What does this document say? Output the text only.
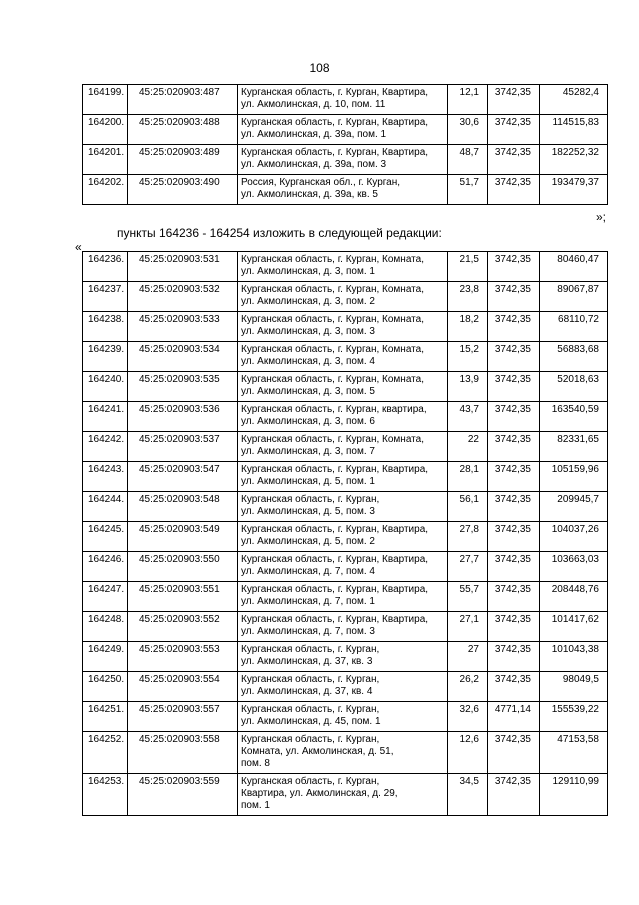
108
164199.	45:25:020903:487	Курганская область, г. Курган, Квартира,
ул. Акмолинская, д. 10, пом. 11	12,1	3742,35	45282,4
164200.	45:25:020903:488	Курганская область, г. Курган, Квартира,
ул. Акмолинская, д. 39а, пом. 1	30,6	3742,35	114515,83
164201.	45:25:020903:489	Курганская область, г. Курган, Квартира,
ул. Акмолинская, д. 39а, пом. 3	48,7	3742,35	182252,32
164202.	45:25:020903:490	Россия, Курганская обл., г. Курган,
ул. Акмолинская, д. 39а, кв. 5	51,7	3742,35	193479,37
»;
пункты 164236 - 164254 изложить в следующей редакции:
«
164236.	45:25:020903:531	Курганская область, г. Курган, Комната,
ул. Акмолинская, д. 3, пом. 1	21,5	3742,35	80460,47
164237.	45:25:020903:532	Курганская область, г. Курган, Комната,
ул. Акмолинская, д. 3, пом. 2	23,8	3742,35	89067,87
164238.	45:25:020903:533	Курганская область, г. Курган, Комната,
ул. Акмолинская, д. 3, пом. 3	18,2	3742,35	68110,72
164239.	45:25:020903:534	Курганская область, г. Курган, Комната,
ул. Акмолинская, д. 3, пом. 4	15,2	3742,35	56883,68
164240.	45:25:020903:535	Курганская область, г. Курган, Комната,
ул. Акмолинская, д. 3, пом. 5	13,9	3742,35	52018,63
164241.	45:25:020903:536	Курганская область, г. Курган, квартира,
ул. Акмолинская, д. 3, пом. 6	43,7	3742,35	163540,59
164242.	45:25:020903:537	Курганская область, г. Курган, Комната,
ул. Акмолинская, д. 3, пом. 7	22	3742,35	82331,65
164243.	45:25:020903:547	Курганская область, г. Курган, Квартира,
ул. Акмолинская, д. 5, пом. 1	28,1	3742,35	105159,96
164244.	45:25:020903:548	Курганская область, г. Курган,
ул. Акмолинская, д. 5, пом. 3	56,1	3742,35	209945,7
164245.	45:25:020903:549	Курганская область, г. Курган, Квартира,
ул. Акмолинская, д. 5, пом. 2	27,8	3742,35	104037,26
164246.	45:25:020903:550	Курганская область, г. Курган, Квартира,
ул. Акмолинская, д. 7, пом. 4	27,7	3742,35	103663,03
164247.	45:25:020903:551	Курганская область, г. Курган, Квартира,
ул. Акмолинская, д. 7, пом. 1	55,7	3742,35	208448,76
164248.	45:25:020903:552	Курганская область, г. Курган, Квартира,
ул. Акмолинская, д. 7, пом. 3	27,1	3742,35	101417,62
164249.	45:25:020903:553	Курганская область, г. Курган,
ул. Акмолинская, д. 37, кв. 3	27	3742,35	101043,38
164250.	45:25:020903:554	Курганская область, г. Курган,
ул. Акмолинская, д. 37, кв. 4	26,2	3742,35	98049,5
164251.	45:25:020903:557	Курганская область, г. Курган,
ул. Акмолинская, д. 45, пом. 1	32,6	4771,14	155539,22
164252.	45:25:020903:558	Курганская область, г. Курган,
Комната, ул. Акмолинская, д. 51,
пом. 8	12,6	3742,35	47153,58
164253.	45:25:020903:559	Курганская область, г. Курган,
Квартира, ул. Акмолинская, д. 29,
пом. 1	34,5	3742,35	129110,99
